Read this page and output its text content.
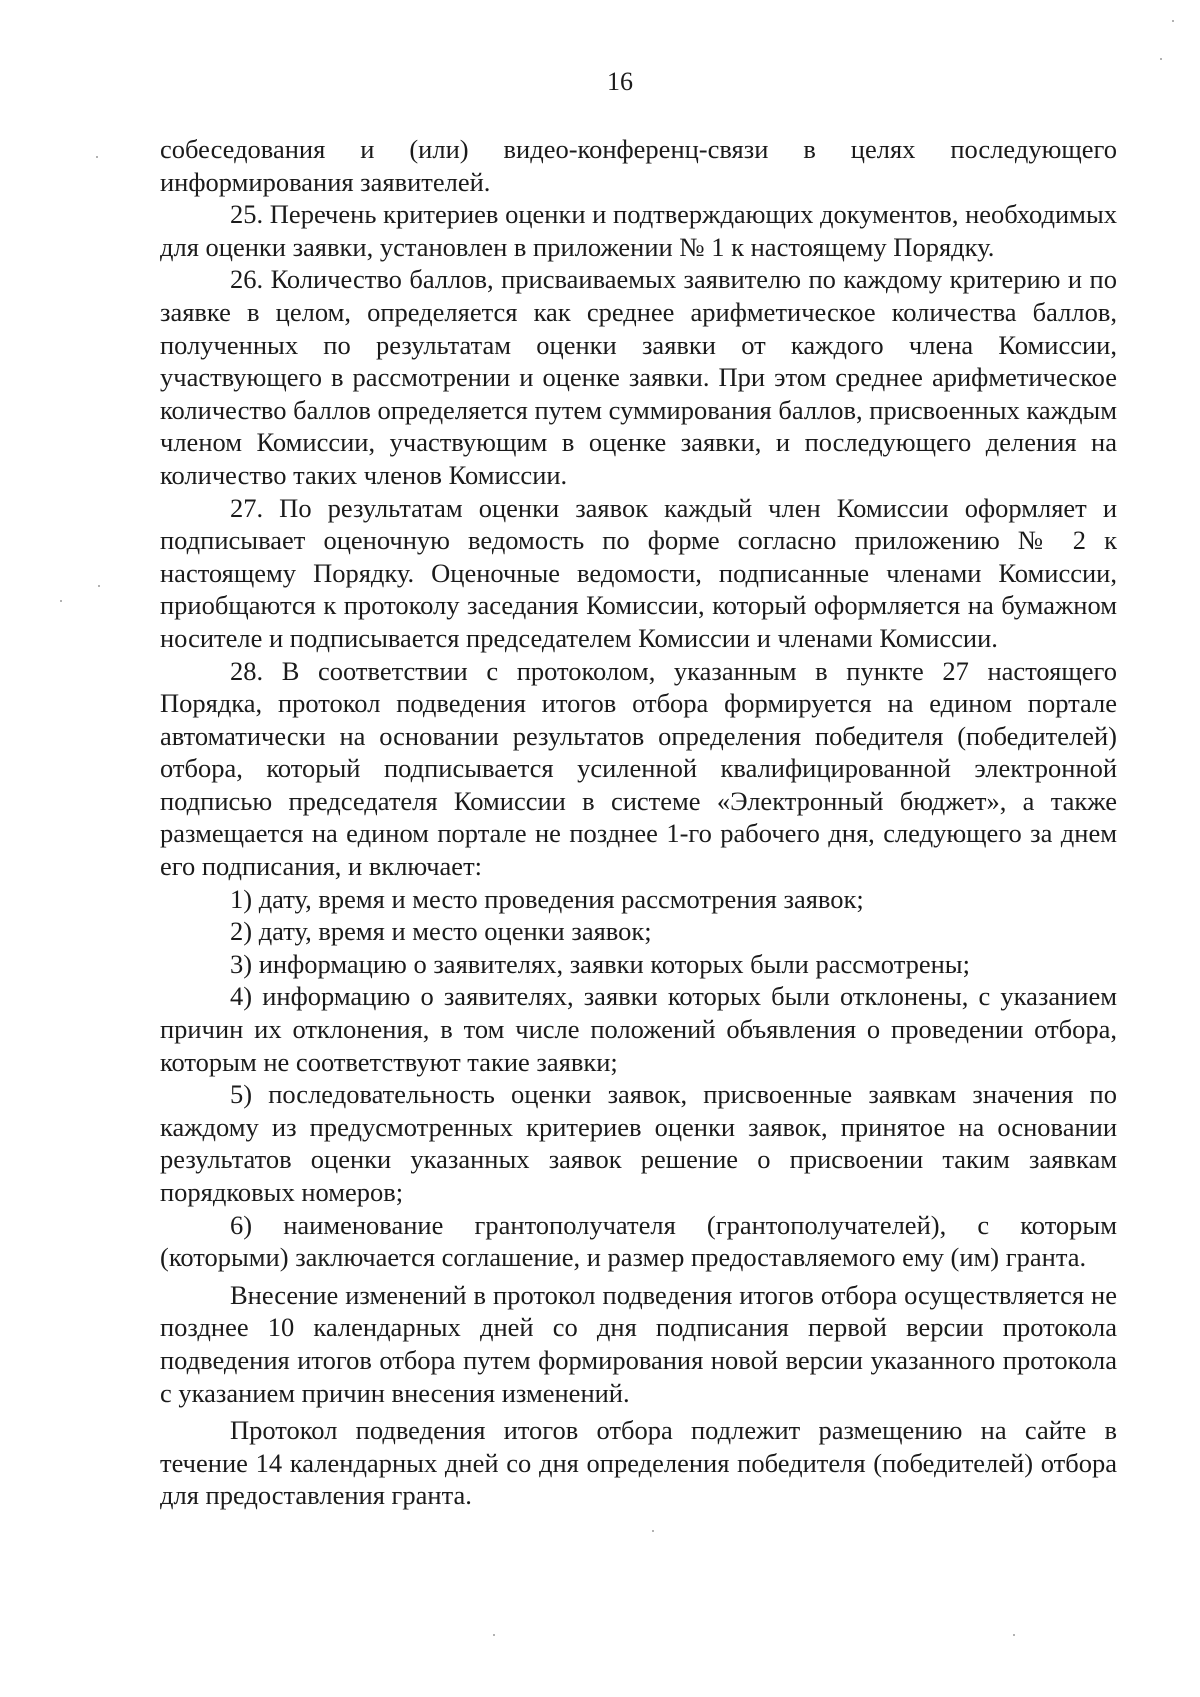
16

собеседования и (или) видео-конференц-связи в целях последующего информирования заявителей.

25. Перечень критериев оценки и подтверждающих документов, необходимых для оценки заявки, установлен в приложении № 1 к настоящему Порядку.

26. Количество баллов, присваиваемых заявителю по каждому критерию и по заявке в целом, определяется как среднее арифметическое количества баллов, полученных по результатам оценки заявки от каждого члена Комиссии, участвующего в рассмотрении и оценке заявки. При этом среднее арифметическое количество баллов определяется путем суммирования баллов, присвоенных каждым членом Комиссии, участвующим в оценке заявки, и последующего деления на количество таких членов Комиссии.

27. По результатам оценки заявок каждый член Комиссии оформляет и подписывает оценочную ведомость по форме согласно приложению № 2 к настоящему Порядку. Оценочные ведомости, подписанные членами Комиссии, приобщаются к протоколу заседания Комиссии, который оформляется на бумажном носителе и подписывается председателем Комиссии и членами Комиссии.

28. В соответствии с протоколом, указанным в пункте 27 настоящего Порядка, протокол подведения итогов отбора формируется на едином портале автоматически на основании результатов определения победителя (победителей) отбора, который подписывается усиленной квалифицированной электронной подписью председателя Комиссии в системе «Электронный бюджет», а также размещается на едином портале не позднее 1-го рабочего дня, следующего за днем его подписания, и включает:

1) дату, время и место проведения рассмотрения заявок;

2) дату, время и место оценки заявок;

3) информацию о заявителях, заявки которых были рассмотрены;

4) информацию о заявителях, заявки которых были отклонены, с указанием причин их отклонения, в том числе положений объявления о проведении отбора, которым не соответствуют такие заявки;

5) последовательность оценки заявок, присвоенные заявкам значения по каждому из предусмотренных критериев оценки заявок, принятое на основании результатов оценки указанных заявок решение о присвоении таким заявкам порядковых номеров;

6) наименование грантополучателя (грантополучателей), с которым (которыми) заключается соглашение, и размер предоставляемого ему (им) гранта.

Внесение изменений в протокол подведения итогов отбора осуществляется не позднее 10 календарных дней со дня подписания первой версии протокола подведения итогов отбора путем формирования новой версии указанного протокола с указанием причин внесения изменений.

Протокол подведения итогов отбора подлежит размещению на сайте в течение 14 календарных дней со дня определения победителя (победителей) отбора для предоставления гранта.
